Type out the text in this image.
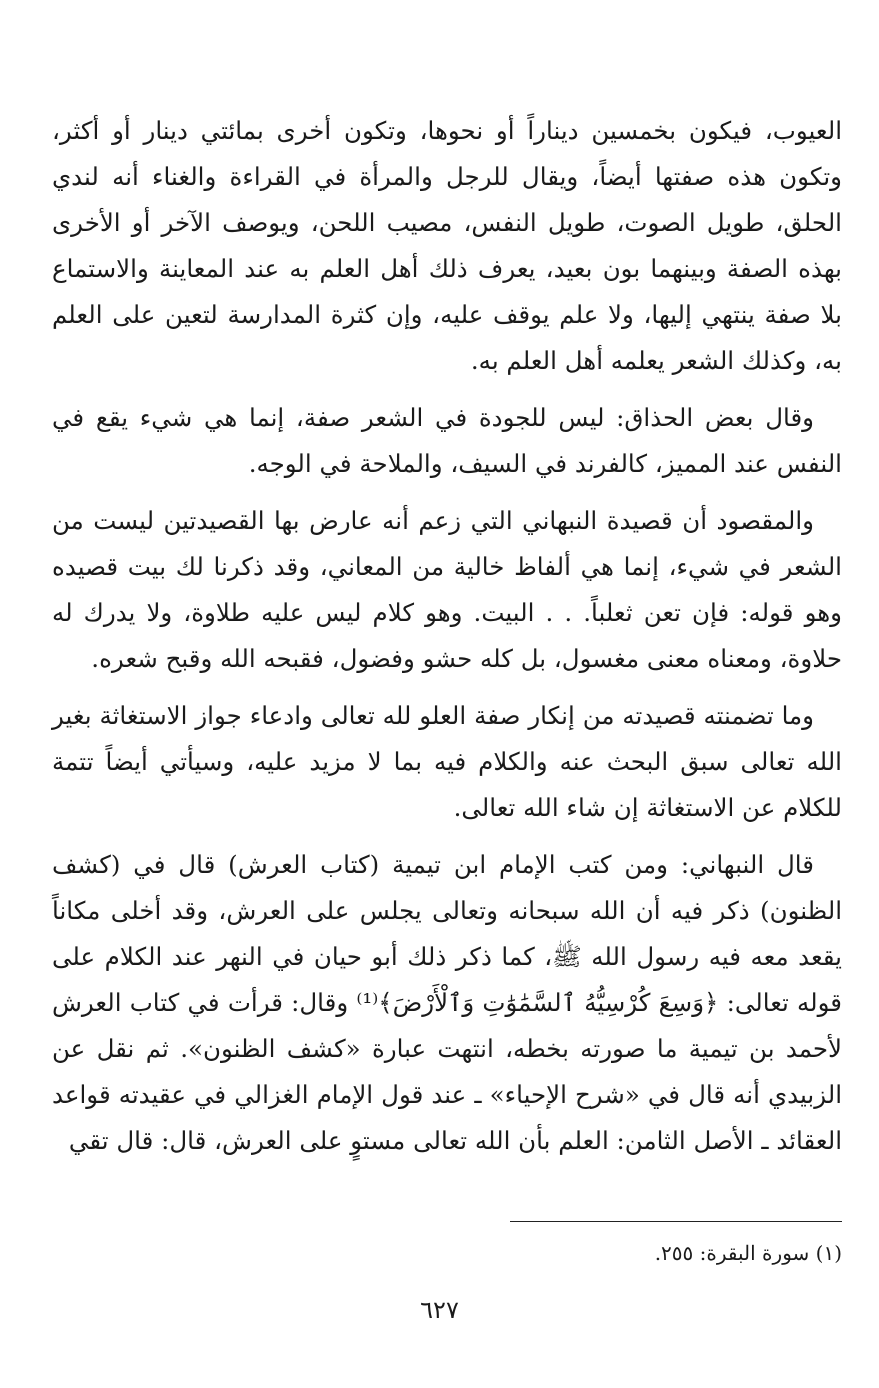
العيوب، فيكون بخمسين ديناراً أو نحوها، وتكون أخرى بمائتي دينار أو أكثر، وتكون هذه صفتها أيضاً، ويقال للرجل والمرأة في القراءة والغناء أنه لندي الحلق، طويل الصوت، طويل النفس، مصيب اللحن، ويوصف الآخر أو الأخرى بهذه الصفة وبينهما بون بعيد، يعرف ذلك أهل العلم به عند المعاينة والاستماع بلا صفة ينتهي إليها، ولا علم يوقف عليه، وإن كثرة المدارسة لتعين على العلم به، وكذلك الشعر يعلمه أهل العلم به.

وقال بعض الحذاق: ليس للجودة في الشعر صفة، إنما هي شيء يقع في النفس عند المميز، كالفرند في السيف، والملاحة في الوجه.

والمقصود أن قصيدة النبهاني التي زعم أنه عارض بها القصيدتين ليست من الشعر في شيء، إنما هي ألفاظ خالية من المعاني، وقد ذكرنا لك بيت قصيده وهو قوله: فإن تعن ثعلباً. . . البيت. وهو كلام ليس عليه طلاوة، ولا يدرك له حلاوة، ومعناه معنى مغسول، بل كله حشو وفضول، فقبحه الله وقبح شعره.

وما تضمنته قصيدته من إنكار صفة العلو لله تعالى وادعاء جواز الاستغاثة بغير الله تعالى سبق البحث عنه والكلام فيه بما لا مزيد عليه، وسيأتي أيضاً تتمة للكلام عن الاستغاثة إن شاء الله تعالى.

قال النبهاني: ومن كتب الإمام ابن تيمية (كتاب العرش) قال في (كشف الظنون) ذكر فيه أن الله سبحانه وتعالى يجلس على العرش، وقد أخلى مكاناً يقعد معه فيه رسول الله ﷺ، كما ذكر ذلك أبو حيان في النهر عند الكلام على قوله تعالى: ﴿وَسِعَ كُرْسِيُّهُ ٱلسَّمَٰوَٰتِ وَٱلْأَرْضَ﴾⁽¹⁾ وقال: قرأت في كتاب العرش لأحمد بن تيمية ما صورته بخطه، انتهت عبارة «كشف الظنون». ثم نقل عن الزبيدي أنه قال في «شرح الإحياء» ـ عند قول الإمام الغزالي في عقيدته قواعد العقائد ـ الأصل الثامن: العلم بأن الله تعالى مستوٍ على العرش، قال: قال تقي

(١) سورة البقرة: ٢٥٥.
٦٢٧
